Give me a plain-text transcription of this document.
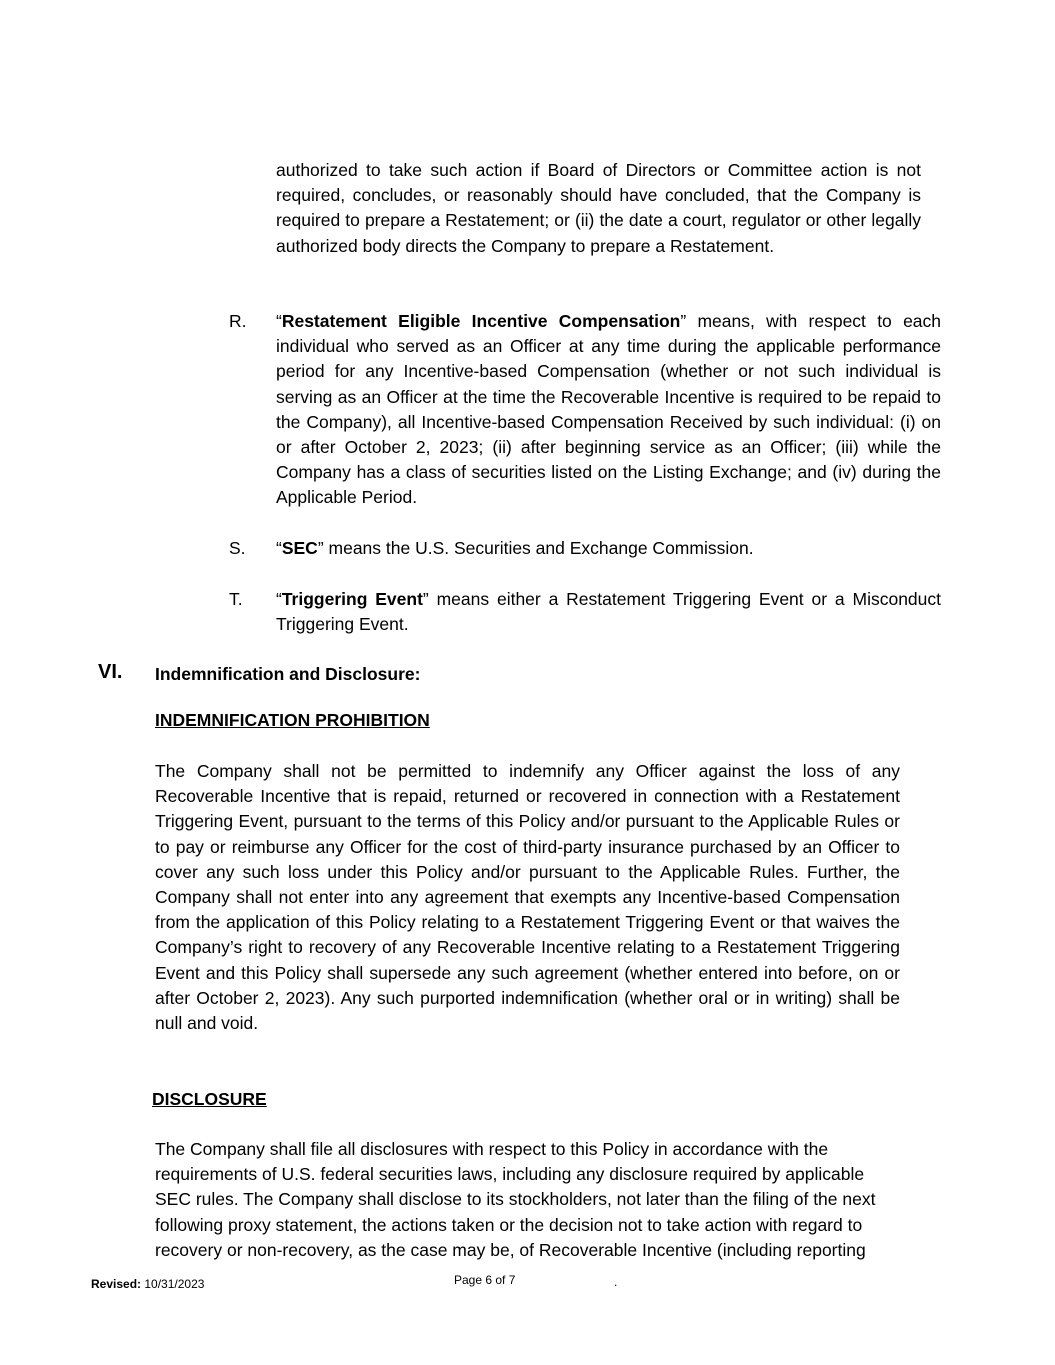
authorized to take such action if Board of Directors or Committee action is not required, concludes, or reasonably should have concluded, that the Company is required to prepare a Restatement; or (ii) the date a court, regulator or other legally authorized body directs the Company to prepare a Restatement.

R. “Restatement Eligible Incentive Compensation” means, with respect to each individual who served as an Officer at any time during the applicable performance period for any Incentive-based Compensation (whether or not such individual is serving as an Officer at the time the Recoverable Incentive is required to be repaid to the Company), all Incentive-based Compensation Received by such individual: (i) on or after October 2, 2023; (ii) after beginning service as an Officer; (iii) while the Company has a class of securities listed on the Listing Exchange; and (iv) during the Applicable Period.

S. “SEC” means the U.S. Securities and Exchange Commission.

T. “Triggering Event” means either a Restatement Triggering Event or a Misconduct Triggering Event.

VI. Indemnification and Disclosure:
INDEMNIFICATION PROHIBITION

The Company shall not be permitted to indemnify any Officer against the loss of any Recoverable Incentive that is repaid, returned or recovered in connection with a Restatement Triggering Event, pursuant to the terms of this Policy and/or pursuant to the Applicable Rules or to pay or reimburse any Officer for the cost of third-party insurance purchased by an Officer to cover any such loss under this Policy and/or pursuant to the Applicable Rules. Further, the Company shall not enter into any agreement that exempts any Incentive-based Compensation from the application of this Policy relating to a Restatement Triggering Event or that waives the Company’s right to recovery of any Recoverable Incentive relating to a Restatement Triggering Event and this Policy shall supersede any such agreement (whether entered into before, on or after October 2, 2023). Any such purported indemnification (whether oral or in writing) shall be null and void.

DISCLOSURE
The Company shall file all disclosures with respect to this Policy in accordance with the
requirements of U.S. federal securities laws, including any disclosure required by applicable
SEC rules. The Company shall disclose to its stockholders, not later than the filing of the next
following proxy statement, the actions taken or the decision not to take action with regard to
recovery or non-recovery, as the case may be, of Recoverable Incentive (including reporting
Revised: 10/31/2023	Page 6 of 7	.
